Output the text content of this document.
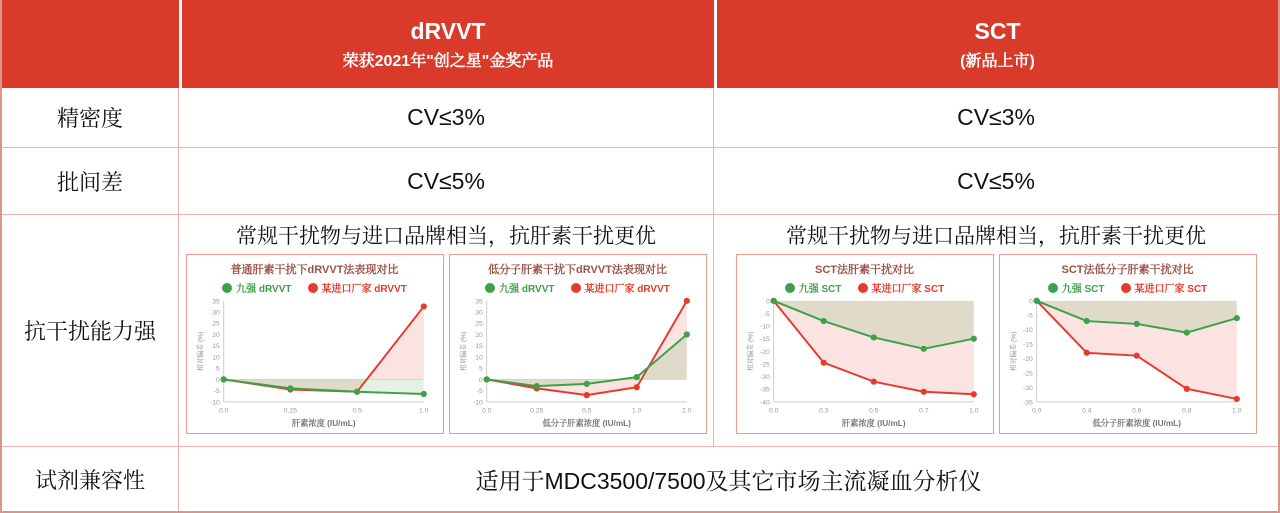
dRVVT
荣获2021年"创之星"金奖产品
SCT
(新品上市)
精密度	CV≤3%	CV≤3%
批间差	CV≤5%	CV≤5%
抗干扰能力强
常规干扰物与进口品牌相当，抗肝素干扰更优
普通肝素干扰下dRVVT法表现对比
九强 dRVVT	某进口厂家 dRVVT
-10
-5
0
5
10
15
20
25
30
35
0.0	0.25	0.5	1.0
肝素浓度 (IU/mL)
相对偏差 (%)
低分子肝素干扰下dRVVT法表现对比
九强 dRVVT	某进口厂家 dRVVT
-10
-5
0
5
10
15
20
25
30
35
0.0	0.25	0.5	1.0	2.0
低分子肝素浓度 (IU/mL)
相对偏差 (%)
常规干扰物与进口品牌相当，抗肝素干扰更优
SCT法肝素干扰对比
九强 SCT	某进口厂家 SCT
-40
-35
-30
-25
-20
-15
-10
-5
0
0.0	0.3	0.5	0.7	1.0
肝素浓度 (IU/mL)
相对偏差 (%)
SCT法低分子肝素干扰对比
九强 SCT	某进口厂家 SCT
-35
-30
-25
-20
-15
-10
-5
0
0.0	0.4	0.6	0.8	1.0
低分子肝素浓度 (IU/mL)
相对偏差 (%)
试剂兼容性	适用于MDC3500/7500及其它市场主流凝血分析仪
